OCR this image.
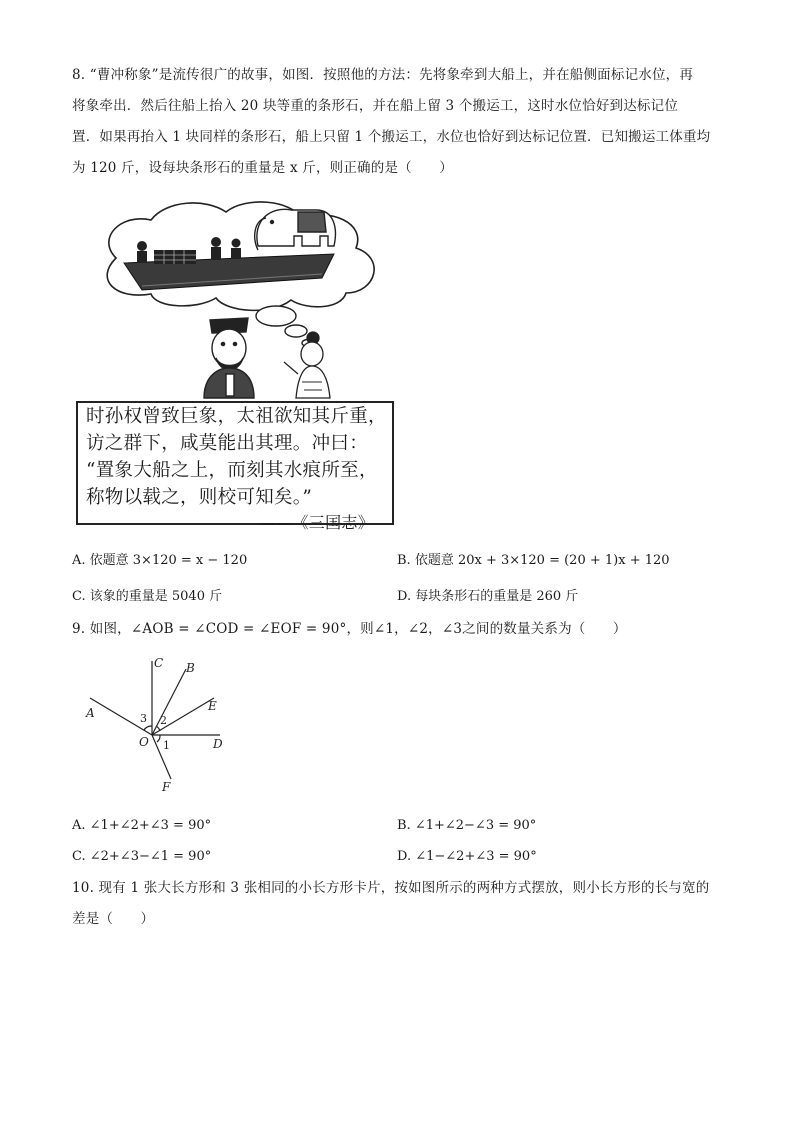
8. “曹冲称象”是流传很广的故事，如图．按照他的方法：先将象牵到大船上，并在船侧面标记水位，再
将象牵出．然后往船上抬入 20 块等重的条形石，并在船上留 3 个搬运工，这时水位恰好到达标记位
置．如果再抬入 1 块同样的条形石，船上只留 1 个搬运工，水位也恰好到达标记位置．已知搬运工体重均
为 120 斤，设每块条形石的重量是 x 斤，则正确的是（　　）
时孙权曾致巨象，太祖欲知其斤重，
访之群下，咸莫能出其理。冲曰：
“置象大船之上，而刻其水痕所至，
称物以载之，则校可知矣。”
——《三国志》
A. 依题意 3×120 = x − 120	B. 依题意 20x + 3×120 = (20 + 1)x + 120
C. 该象的重量是 5040 斤	D. 每块条形石的重量是 260 斤
9. 如图，∠AOB = ∠COD = ∠EOF = 90°，则∠1，∠2，∠3之间的数量关系为（　　）
C B
E
D
A
F
O 1
2
3
A. ∠1+∠2+∠3 = 90°	B. ∠1+∠2−∠3 = 90°
C. ∠2+∠3−∠1 = 90°	D. ∠1−∠2+∠3 = 90°
10. 现有 1 张大长方形和 3 张相同的小长方形卡片，按如图所示的两种方式摆放，则小长方形的长与宽的
差是（　　）
